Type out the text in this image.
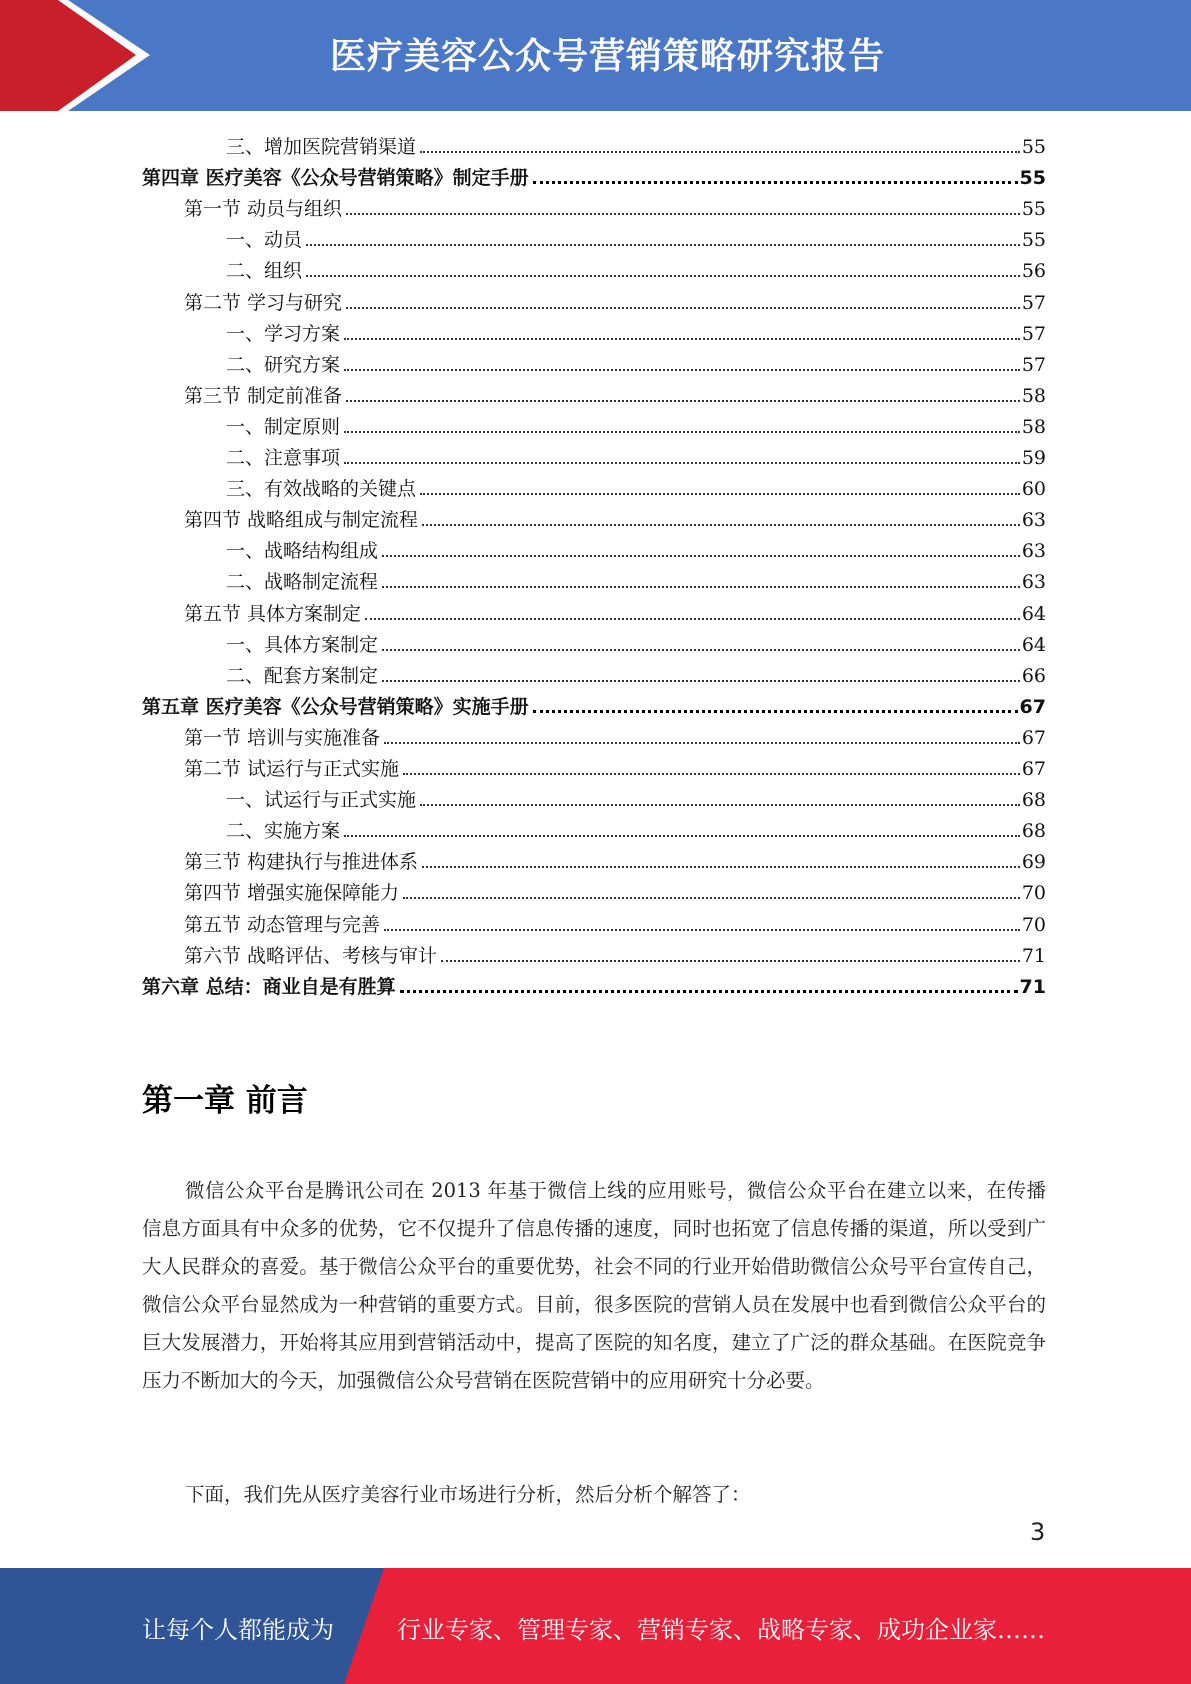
医疗美容公众号营销策略研究报告
三、增加医院营销渠道	55
第四章 医疗美容《公众号营销策略》制定手册	55
第一节 动员与组织	55
一、动员	55
二、组织	56
第二节 学习与研究	57
一、学习方案	57
二、研究方案	57
第三节 制定前准备	58
一、制定原则	58
二、注意事项	59
三、有效战略的关键点	60
第四节 战略组成与制定流程	63
一、战略结构组成	63
二、战略制定流程	63
第五节 具体方案制定	64
一、具体方案制定	64
二、配套方案制定	66
第五章 医疗美容《公众号营销策略》实施手册	67
第一节 培训与实施准备	67
第二节 试运行与正式实施	67
一、试运行与正式实施	68
二、实施方案	68
第三节 构建执行与推进体系	69
第四节 增强实施保障能力	70
第五节 动态管理与完善	70
第六节 战略评估、考核与审计	71
第六章 总结：商业自是有胜算	71
第一章 前言
微信公众平台是腾讯公司在 2013 年基于微信上线的应用账号，微信公众平台在建立以来，在传播信息方面具有中众多的优势，它不仅提升了信息传播的速度，同时也拓宽了信息传播的渠道，所以受到广大人民群众的喜爱。基于微信公众平台的重要优势，社会不同的行业开始借助微信公众号平台宣传自己，微信公众平台显然成为一种营销的重要方式。目前，很多医院的营销人员在发展中也看到微信公众平台的巨大发展潜力，开始将其应用到营销活动中，提高了医院的知名度，建立了广泛的群众基础。在医院竞争压力不断加大的今天，加强微信公众号营销在医院营销中的应用研究十分必要。
下面，我们先从医疗美容行业市场进行分析，然后分析个解答了：
3
让每个人都能成为	行业专家、管理专家、营销专家、战略专家、成功企业家……
